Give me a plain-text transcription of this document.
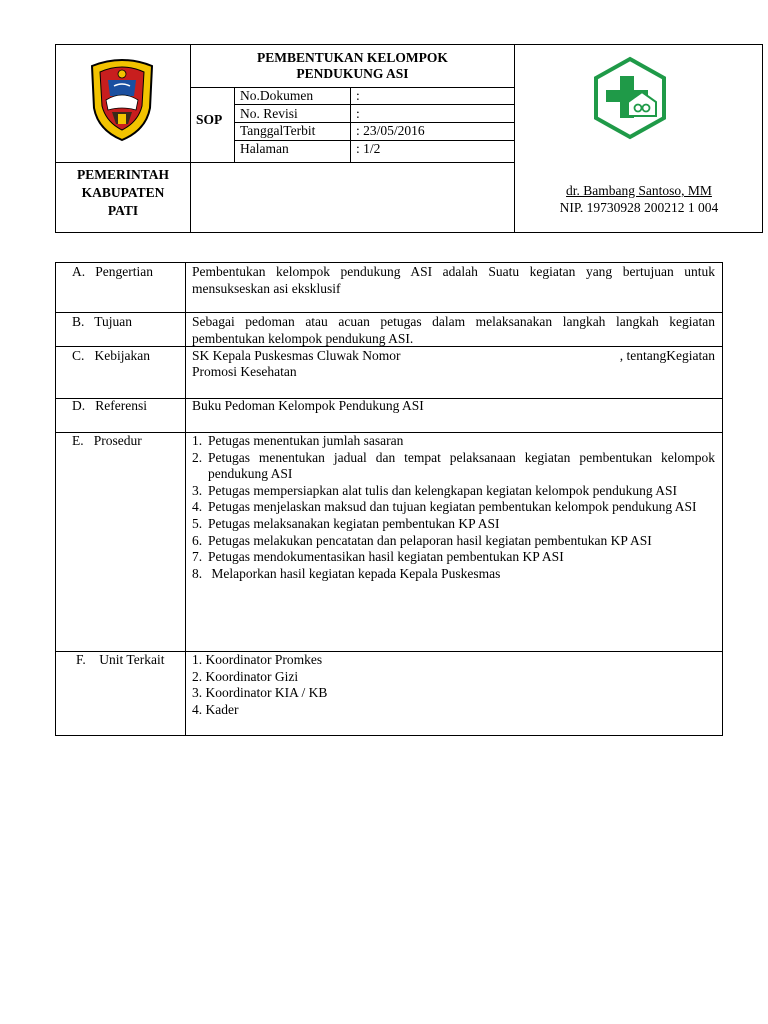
PEMBENTUKAN KELOMPOK
PENDUKUNG ASI
SOP
No.Dokumen	:
No. Revisi	:
TanggalTerbit	: 23/05/2016
Halaman	: 1/2
PEMERINTAH
KABUPATEN
PATI
dr. Bambang Santoso, MM
NIP. 19730928 200212 1 004
A.   Pengertian	Pembentukan kelompok pendukung ASI adalah Suatu kegiatan yang bertujuan untuk mensukseskan asi eksklusif
B.   Tujuan	Sebagai pedoman atau acuan petugas dalam melaksanakan langkah langkah kegiatan pembentukan kelompok pendukung ASI.
C.   Kebijakan	SK Kepala Puskesmas Cluwak Nomor	, tentangKegiatan
Promosi Kesehatan
D.   Referensi	Buku Pedoman Kelompok Pendukung ASI
E.   Prosedur	1. Petugas menentukan jumlah sasaran
2. Petugas menentukan jadual dan tempat pelaksanaan kegiatan pembentukan kelompok pendukung ASI
3. Petugas mempersiapkan alat tulis dan kelengkapan kegiatan kelompok pendukung ASI
4. Petugas menjelaskan maksud dan tujuan kegiatan pembentukan kelompok pendukung ASI
5. Petugas melaksanakan kegiatan pembentukan KP ASI
6. Petugas melakukan pencatatan dan pelaporan hasil kegiatan pembentukan KP ASI
7. Petugas mendokumentasikan hasil kegiatan pembentukan KP ASI
8. Melaporkan hasil kegiatan kepada Kepala Puskesmas
F.    Unit Terkait 1. Koordinator Promkes
2. Koordinator Gizi
3. Koordinator KIA / KB
4. Kader
